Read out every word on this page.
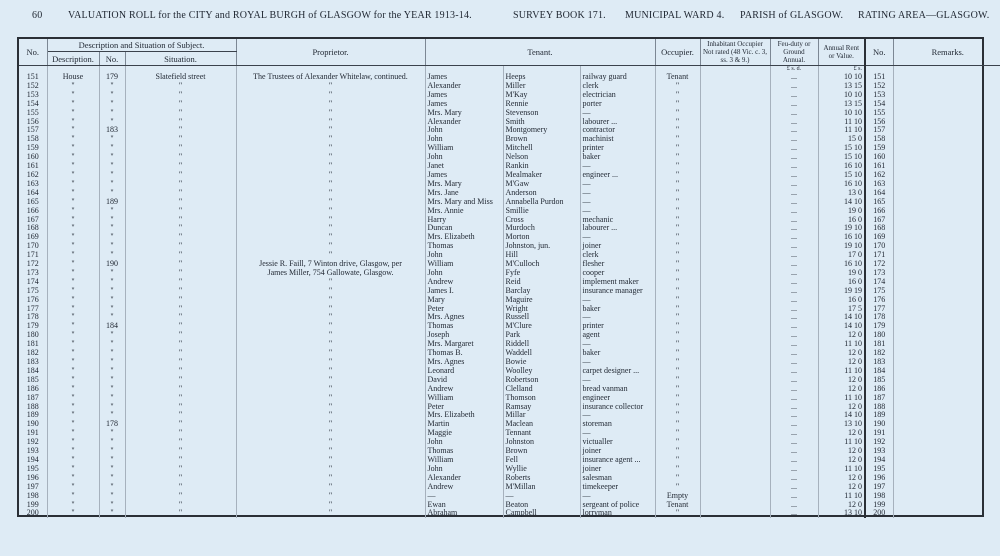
60	VALUATION ROLL for the CITY and ROYAL BURGH of GLASGOW for the YEAR 1913-14.	SURVEY BOOK 171. MUNICIPAL WARD 4. PARISH of GLASGOW. RATING AREA—GLASGOW.
No.	Description and Situation of Subject.			Proprietor.	Tenant.			Occupier.	Inhabitant Occupier Not rated (48 Vic. c. 3, ss. 3 & 9.)	Feu-duty or Ground Annual.	Annual Rent or Value.	No.	Remarks.
	Description.	No.	Situation.										
										£ s. d.	£ s.		
151	House	179	Slatefield street	The Trustees of Alexander Whitelaw, continued.	James	Heeps	railway guard	Tenant		...	10 10	151	
152	"	"	"	"	Alexander	Miller	clerk	"		...	13 15	152	
153	"	"	"	"	James	M'Kay	electrician	"		...	10 10	153	
154	"	"	"	"	James	Rennie	porter	"		...	13 15	154	
155	"	"	"	"	Mrs. Mary	Stevenson	—	"		...	10 10	155	
156	"	"	"	"	Alexander	Smith	labourer ...	"		...	11 10	156	
157	"	183	"	"	John	Montgomery	contractor	"		...	11 10	157	
158	"	"	"	"	John	Brown	machinist	"		...	15 0	158	
159	"	"	"	"	William	Mitchell	printer	"		...	15 10	159	
160	"	"	"	"	John	Nelson	baker	"		...	15 10	160	
161	"	"	"	"	Janet	Rankin	—	"		...	16 10	161	
162	"	"	"	"	James	Mealmaker	engineer ...	"		...	15 10	162	
163	"	"	"	"	Mrs. Mary	M'Gaw	—	"		...	16 10	163	
164	"	"	"	"	Mrs. Jane	Anderson	—	"		...	13 0	164	
165	"	189	"	"	Mrs. Mary and Miss	Annabella Purdon	—	"		...	14 10	165	
166	"	"	"	"	Mrs. Annie	Smillie	—	"		...	19 0	166	
167	"	"	"	"	Harry	Cross	mechanic	"		...	16 0	167	
168	"	"	"	"	Duncan	Murdoch	labourer ...	"		...	19 10	168	
169	"	"	"	"	Mrs. Elizabeth	Morton	—	"		...	16 10	169	
170	"	"	"	"	Thomas	Johnston, jun.	joiner	"		...	19 10	170	
171	"	"	"	"	John	Hill	clerk	"		...	17 0	171	
172	"	190	"	Jessie R. Faill, 7 Winton drive, Glasgow, per	William	M'Culloch	flesher	"		...	16 10	172	
173	"	"	"	James Miller, 754 Gallowate, Glasgow.	John	Fyfe	cooper	"		...	19 0	173	
174	"	"	"	"	Andrew	Reid	implement maker	"		...	16 0	174	
175	"	"	"	"	James I.	Barclay	insurance manager	"		...	19 19	175	
176	"	"	"	"	Mary	Maguire	—	"		...	16 0	176	
177	"	"	"	"	Peter	Wright	baker	"		...	17 5	177	
178	"	"	"	"	Mrs. Agnes	Russell	—	"		...	14 10	178	
179	"	184	"	"	Thomas	M'Clure	printer	"		...	14 10	179	
180	"	"	"	"	Joseph	Park	agent	"		...	12 0	180	
181	"	"	"	"	Mrs. Margaret	Riddell	—	"		...	11 10	181	
182	"	"	"	"	Thomas B.	Waddell	baker	"		...	12 0	182	
183	"	"	"	"	Mrs. Agnes	Bowie	—	"		...	12 0	183	
184	"	"	"	"	Leonard	Woolley	carpet designer ...	"		...	11 10	184	
185	"	"	"	"	David	Robertson	—	"		...	12 0	185	
186	"	"	"	"	Andrew	Clelland	bread vanman	"		...	12 0	186	
187	"	"	"	"	William	Thomson	engineer	"		...	11 10	187	
188	"	"	"	"	Peter	Ramsay	insurance collector	"		...	12 0	188	
189	"	"	"	"	Mrs. Elizabeth	Millar	—	"		...	14 10	189	
190	"	178	"	"	Martin	Maclean	storeman	"		...	13 10	190	
191	"	"	"	"	Maggie	Tennant	—	"		...	12 0	191	
192	"	"	"	"	John	Johnston	victualler	"		...	11 10	192	
193	"	"	"	"	Thomas	Brown	joiner	"		...	12 0	193	
194	"	"	"	"	William	Fell	insurance agent ...	"		...	12 0	194	
195	"	"	"	"	John	Wyllie	joiner	"		...	11 10	195	
196	"	"	"	"	Alexander	Roberts	salesman	"		...	12 0	196	
197	"	"	"	"	Andrew	M'Millan	timekeeper	"		...	12 0	197	
198	"	"	"	"	—	—	—	Empty		...	11 10	198	
199	"	"	"	"	Ewan	Beaton	sergeant of police	Tenant		...	12 0	199	
200	"	"	"	"	Abraham	Campbell	lorryman	"		...	13 10	200	
